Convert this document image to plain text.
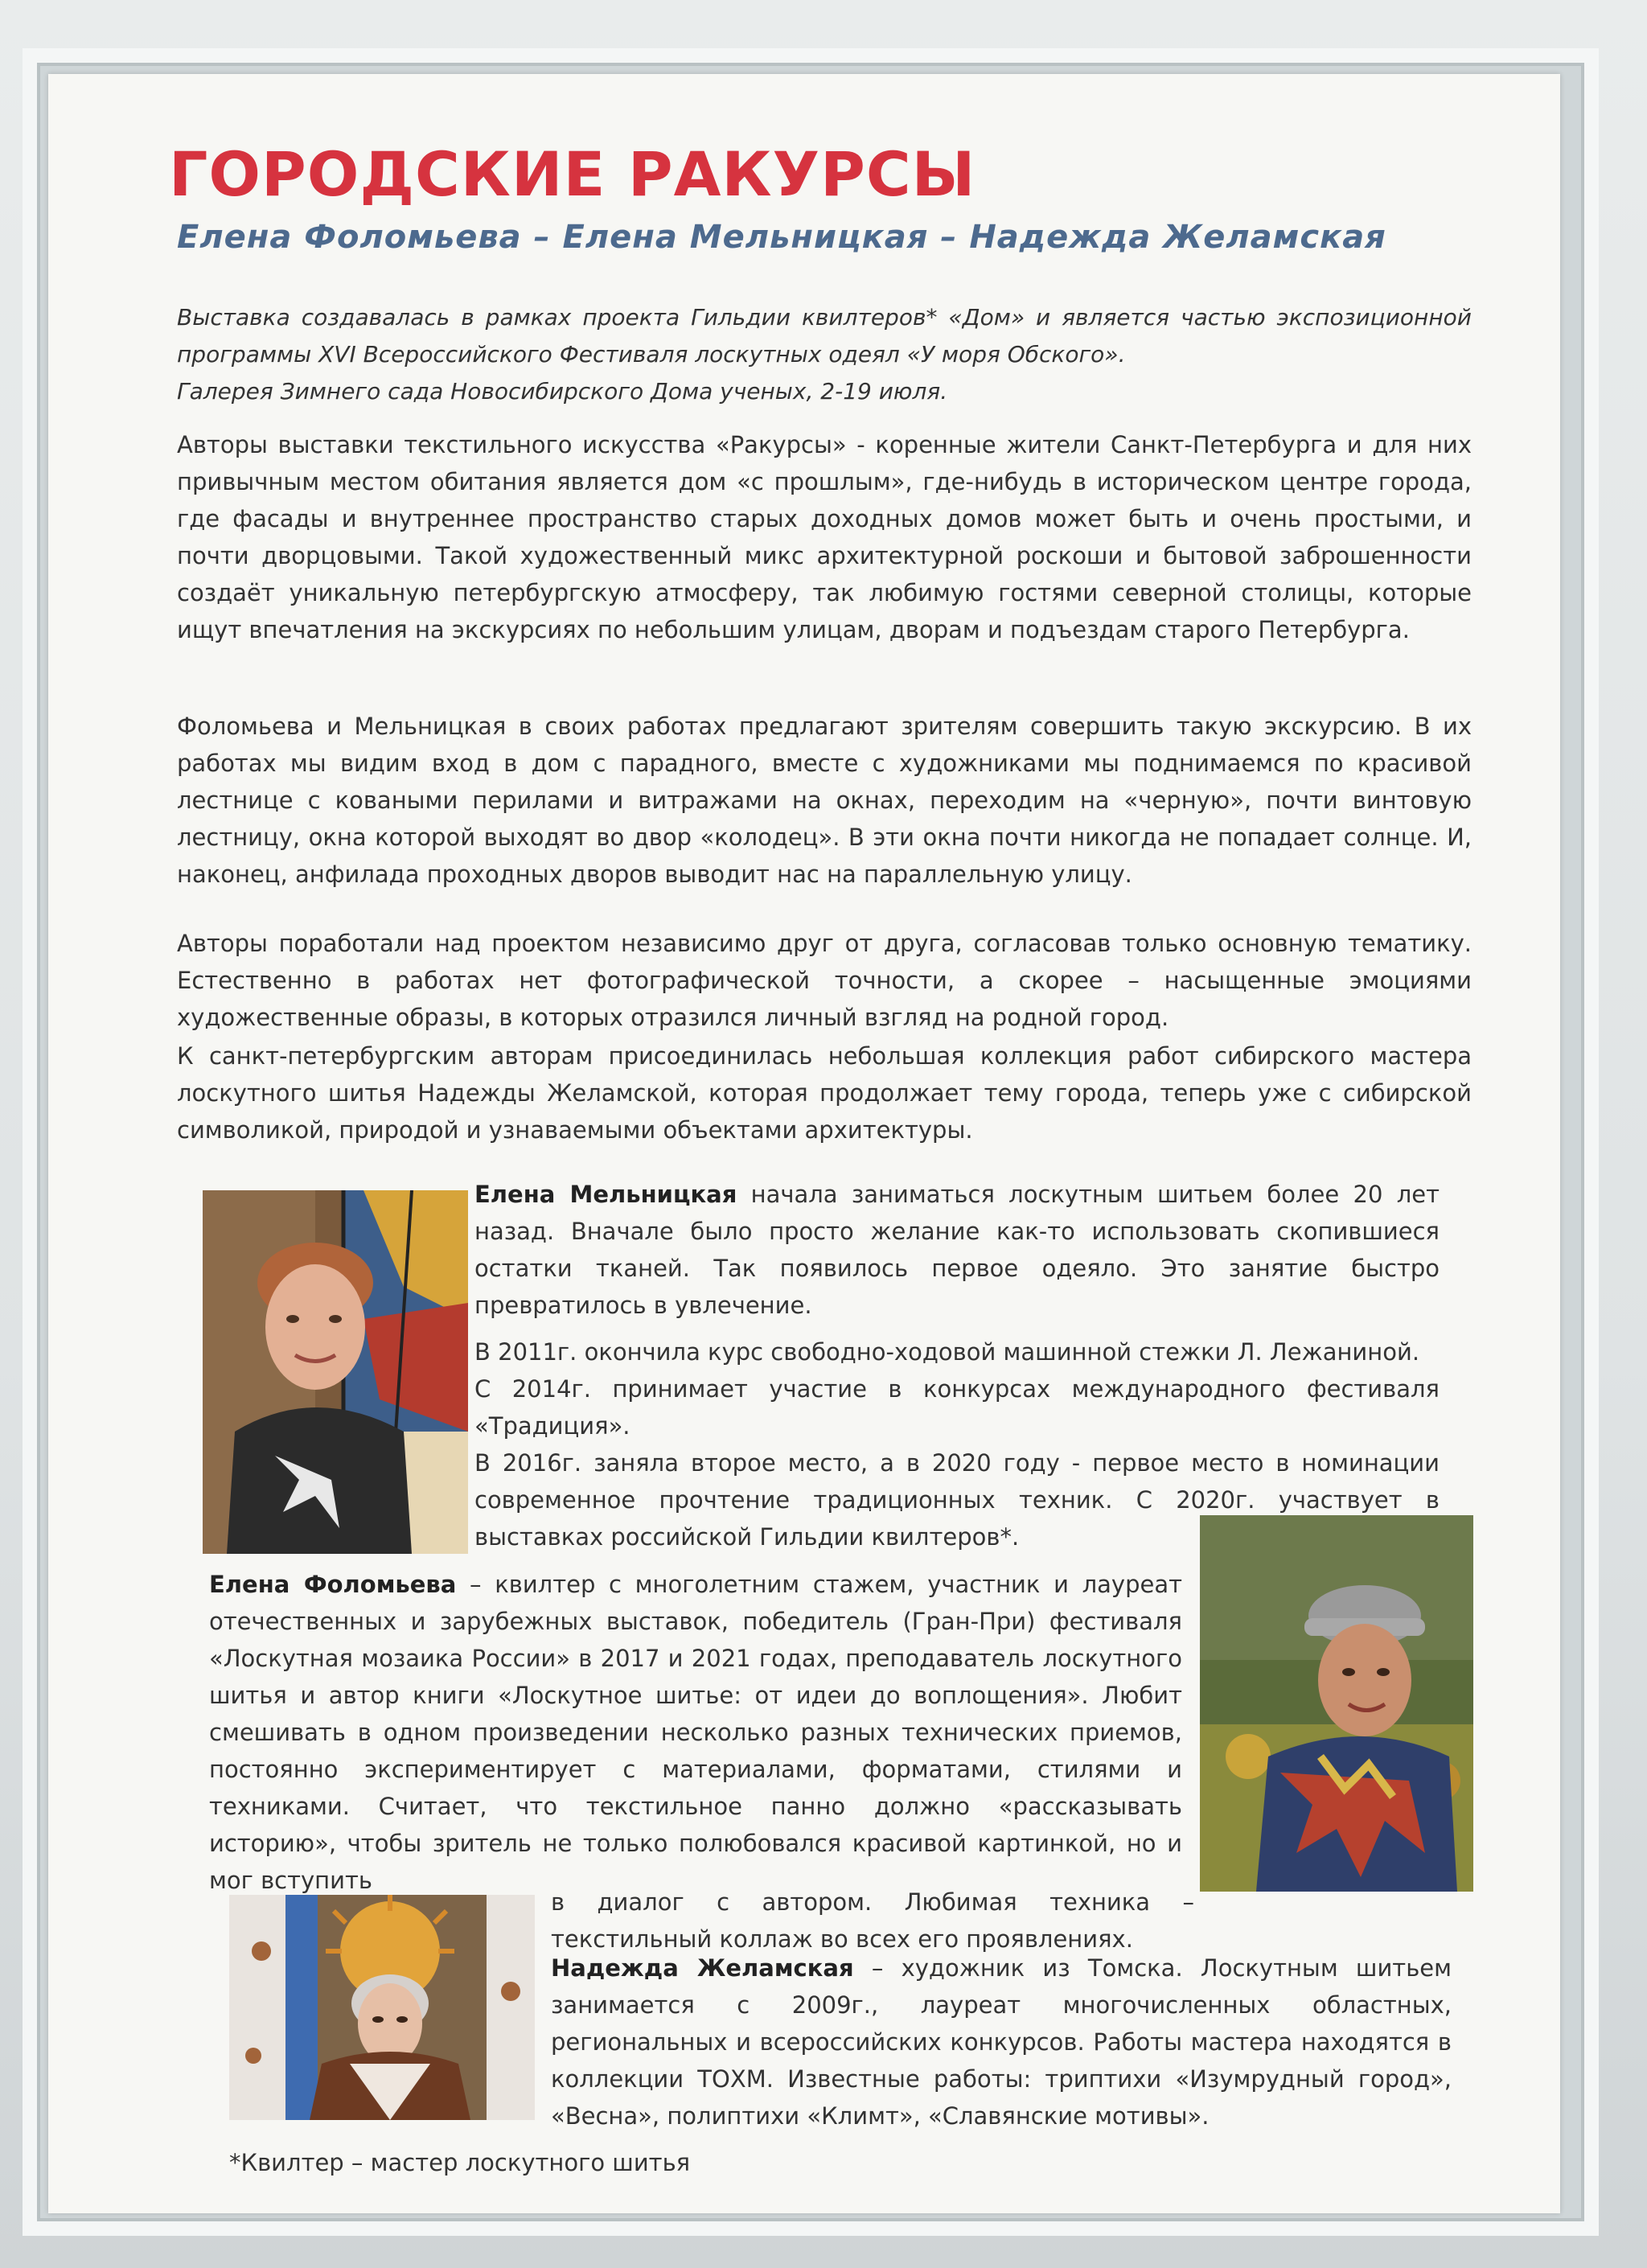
ГОРОДСКИЕ РАКУРСЫ
Елена Фоломьева – Елена Мельницкая – Надежда Желамская

Выставка создавалась в рамках проекта Гильдии квилтеров* «Дом» и является частью экспозиционной программы XVI Всероссийского Фестиваля лоскутных одеял «У моря Обского».

Галерея Зимнего сада Новосибирского Дома ученых, 2-19 июля.

Авторы выставки текстильного искусства «Ракурсы» - коренные жители Санкт-Петербурга и для них привычным местом обитания является дом «с прошлым», где-нибудь в историческом центре города, где фасады и внутреннее пространство старых доходных домов может быть и очень простыми, и почти дворцовыми. Такой художественный микс архитектурной роскоши и бытовой заброшенности создаёт уникальную петербургскую атмосферу, так любимую гостями северной столицы, которые ищут впечатления на экскурсиях по небольшим улицам, дворам и подъездам старого Петербурга.

Фоломьева и Мельницкая в своих работах предлагают зрителям совершить такую экскурсию. В их работах мы видим вход в дом с парадного, вместе с художниками мы поднимаемся по красивой лестнице с коваными перилами и витражами на окнах, переходим на «черную», почти винтовую лестницу, окна которой выходят во двор «колодец». В эти окна почти никогда не попадает солнце. И, наконец, анфилада проходных дворов выводит нас на параллельную улицу.

Авторы поработали над проектом независимо друг от друга, согласовав только основную тематику. Естественно в работах нет фотографической точности, а скорее – насыщенные эмоциями художественные образы, в которых отразился личный взгляд на родной город.

К санкт-петербургским авторам присоединилась небольшая коллекция работ сибирского мастера лоскутного шитья Надежды Желамской, которая продолжает тему города, теперь уже с сибирской символикой, природой и узнаваемыми объектами архитектуры.

Елена Мельницкая начала заниматься лоскутным шитьем более 20 лет назад. Вначале было просто желание как-то использовать скопившиеся остатки тканей. Так появилось первое одеяло. Это занятие быстро превратилось в увлечение.

В 2011г. окончила курс свободно-ходовой машинной стежки Л. Лежаниной.

С 2014г. принимает участие в конкурсах международного фестиваля «Традиция».

В 2016г. заняла второе место, а в 2020 году - первое место в номинации современное прочтение традиционных техник. С 2020г. участвует в выставках российской Гильдии квилтеров*.

Елена Фоломьева – квилтер с многолетним стажем, участник и лауреат отечественных и зарубежных выставок, победитель (Гран-При) фестиваля «Лоскутная мозаика России» в 2017 и 2021 годах, преподаватель лоскутного шитья и автор книги «Лоскутное шитье: от идеи до воплощения». Любит смешивать в одном произведении несколько разных технических приемов, постоянно экспериментирует с материалами, форматами, стилями и техниками. Считает, что текстильное панно должно «рассказывать историю», чтобы зритель не только полюбовался красивой картинкой, но и мог вступить

в диалог с автором. Любимая техника – текстильный коллаж во всех его проявлениях.

Надежда Желамская – художник из Томска. Лоскутным шитьем занимается с 2009г., лауреат многочисленных областных, региональных и всероссийских конкурсов. Работы мастера находятся в коллекции ТОХМ. Известные работы: триптихи «Изумрудный город», «Весна», полиптихи «Климт», «Славянские мотивы».

*Квилтер – мастер лоскутного шитья
